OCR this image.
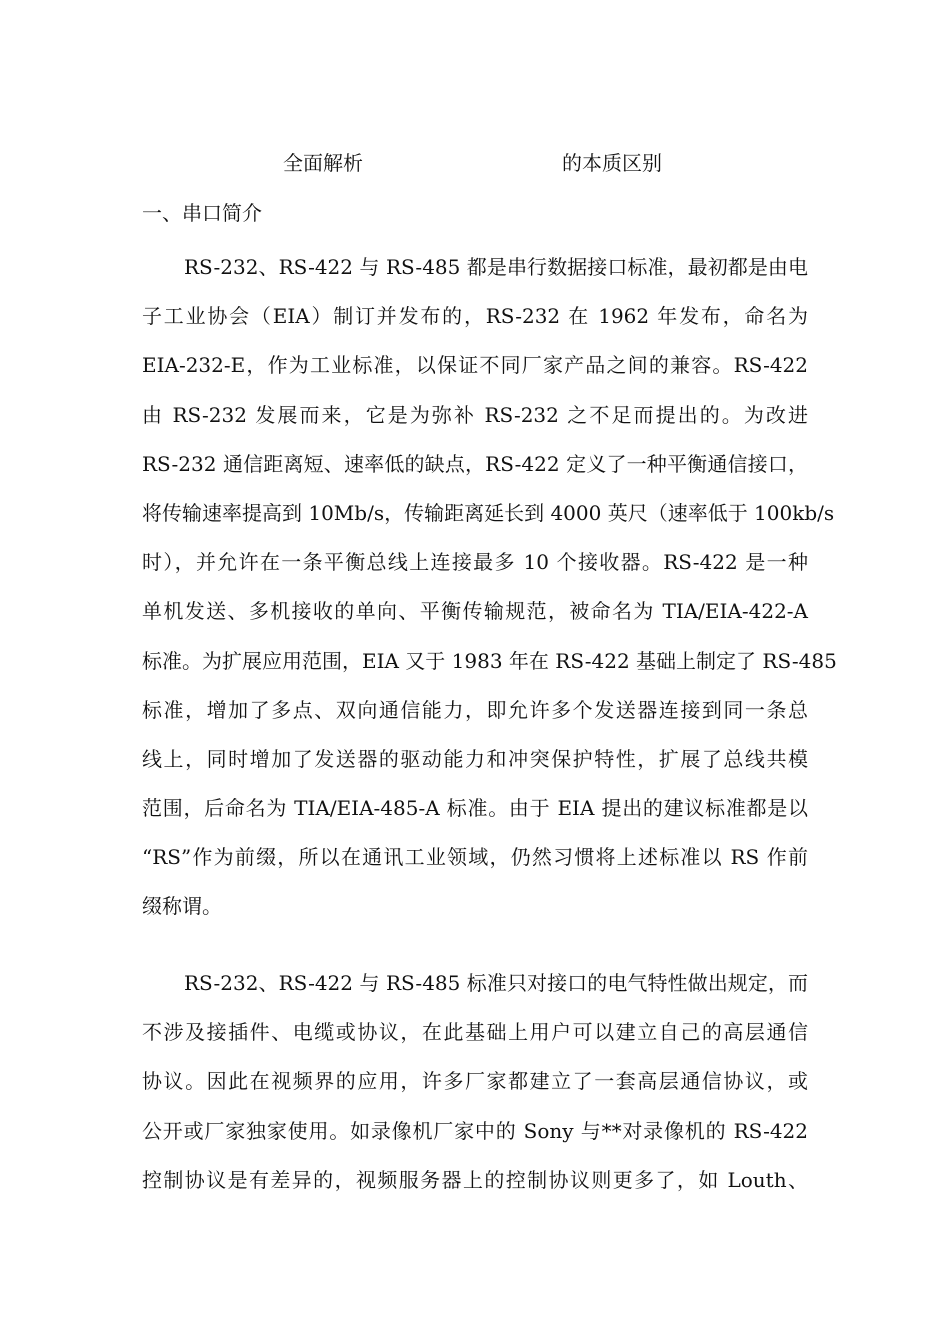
全面解析	的本质区别
一、串口简介
RS-232、RS-422 与 RS-485 都是串行数据接口标准，最初都是由电
子工业协会（EIA）制订并发布的，RS-232 在 1962 年发布，命名为
EIA-232-E，作为工业标准，以保证不同厂家产品之间的兼容。RS-422
由 RS-232 发展而来，它是为弥补 RS-232 之不足而提出的。为改进
RS-232 通信距离短、速率低的缺点，RS-422 定义了一种平衡通信接口，
将传输速率提高到 10Mb/s，传输距离延长到 4000 英尺（速率低于 100kb/s
时），并允许在一条平衡总线上连接最多 10 个接收器。RS-422 是一种
单机发送、多机接收的单向、平衡传输规范，被命名为 TIA/EIA-422-A
标准。为扩展应用范围，EIA 又于 1983 年在 RS-422 基础上制定了 RS-485
标准，增加了多点、双向通信能力，即允许多个发送器连接到同一条总
线上，同时增加了发送器的驱动能力和冲突保护特性，扩展了总线共模
范围，后命名为 TIA/EIA-485-A 标准。由于 EIA 提出的建议标准都是以
“RS”作为前缀，所以在通讯工业领域，仍然习惯将上述标准以 RS 作前
缀称谓。
RS-232、RS-422 与 RS-485 标准只对接口的电气特性做出规定，而
不涉及接插件、电缆或协议，在此基础上用户可以建立自己的高层通信
协议。因此在视频界的应用，许多厂家都建立了一套高层通信协议，或
公开或厂家独家使用。如录像机厂家中的 Sony 与**对录像机的 RS-422
控制协议是有差异的，视频服务器上的控制协议则更多了，如 Louth、
